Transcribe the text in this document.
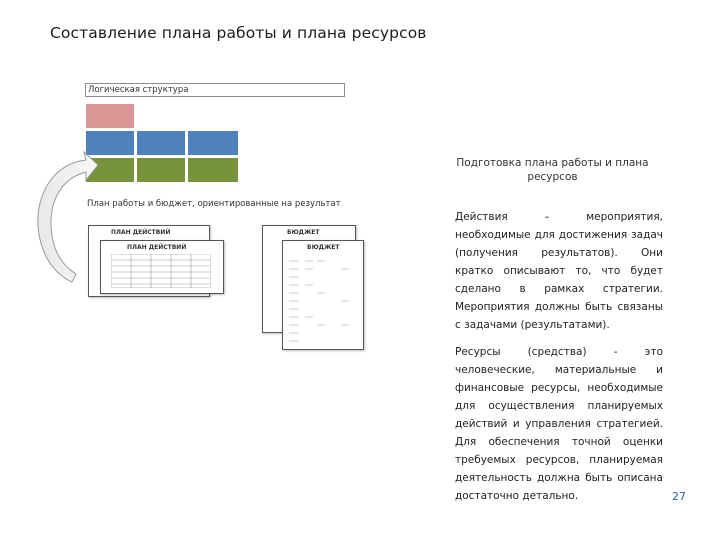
Составление плана работы и плана ресурсов
Логическая структура
План работы и бюджет, ориентированные на результат
ПЛАН ДЕЙСТВИЙ
ПЛАН ДЕЙСТВИЙ
БЮДЖЕТ
БЮДЖЕТ
Подготовка плана работы и плана ресурсов
Действия – мероприятия, необходимые для достижения задач (получения результатов). Они кратко описывают то, что будет сделано в рамках стратегии. Мероприятия должны быть связаны с задачами (результатами).
Ресурсы (средства) - это человеческие, материальные и финансовые ресурсы, необходимые для осуществления планируемых действий и управления стратегией. Для обеспечения точной оценки требуемых ресурсов, планируемая деятельность должна быть описана достаточно детально.	27
